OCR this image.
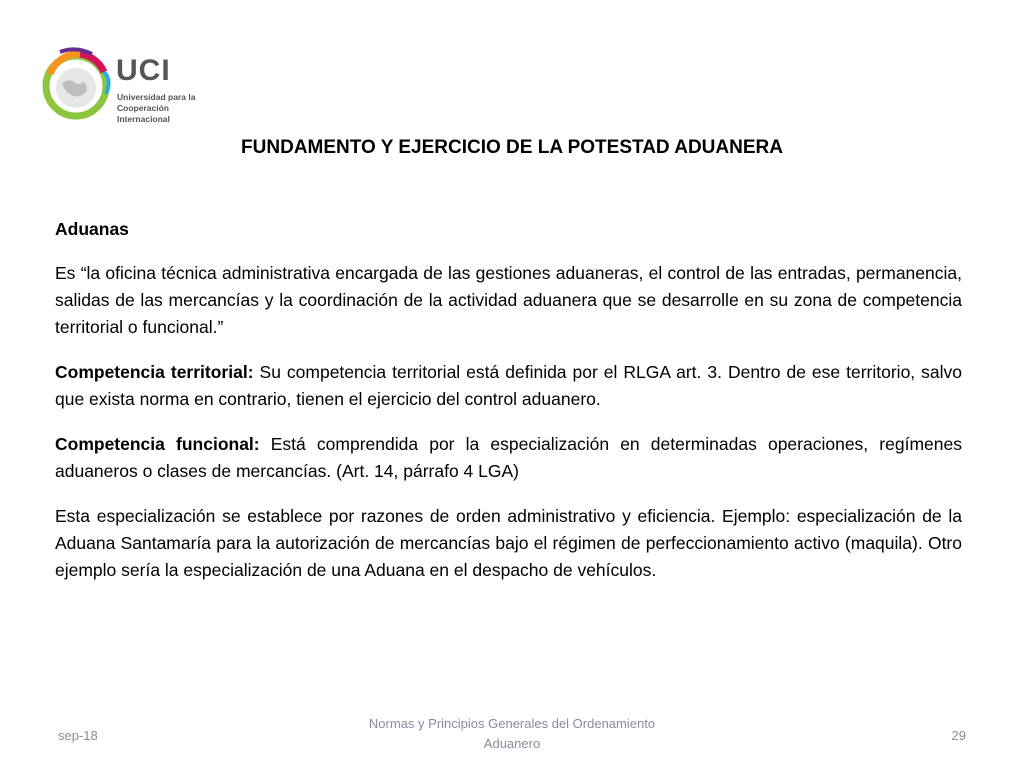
UCI
Universidad para la
Cooperación Internacional
FUNDAMENTO Y EJERCICIO DE LA POTESTAD ADUANERA

Aduanas

Es “la oficina técnica administrativa encargada de las gestiones aduaneras, el control de las entradas, permanencia, salidas de las mercancías y la coordinación de la actividad aduanera que se desarrolle en su zona de competencia territorial o funcional.”

Competencia territorial: Su competencia territorial está definida por el RLGA art. 3. Dentro de ese territorio, salvo que exista norma en contrario, tienen el ejercicio del control aduanero.

Competencia funcional: Está comprendida por la especialización en determinadas operaciones, regímenes aduaneros o clases de mercancías. (Art. 14, párrafo 4 LGA)

Esta especialización se establece por razones de orden administrativo y eficiencia. Ejemplo: especialización de la Aduana Santamaría para la autorización de mercancías bajo el régimen de perfeccionamiento activo (maquila). Otro ejemplo sería la especialización de una Aduana en el despacho de vehículos.

sep-18
Normas y Principios Generales del Ordenamiento Aduanero
29
